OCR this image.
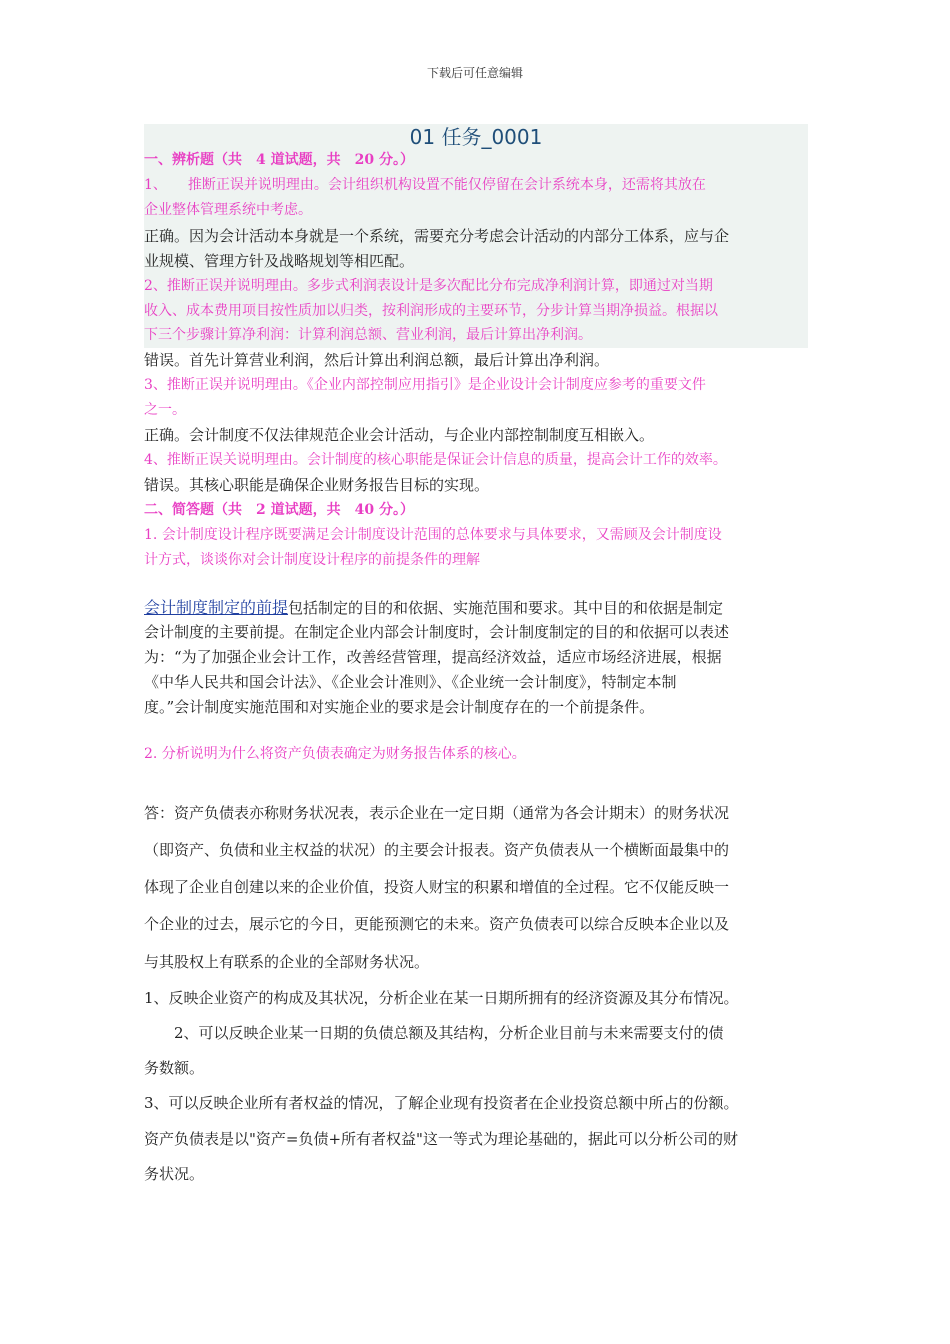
下载后可任意编辑
01 任务_0001
一、辨析题（共　4 道试题，共　20 分。）
1、　　推断正误并说明理由。会计组织机构设置不能仅停留在会计系统本身，还需将其放在
企业整体管理系统中考虑。
正确。因为会计活动本身就是一个系统，需要充分考虑会计活动的内部分工体系，应与企
业规模、管理方针及战略规划等相匹配。
2、推断正误并说明理由。多步式利润表设计是多次配比分布完成净利润计算，即通过对当期
收入、成本费用项目按性质加以归类，按利润形成的主要环节，分步计算当期净损益。根据以
下三个步骤计算净利润：计算利润总额、营业利润，最后计算出净利润。
错误。首先计算营业利润，然后计算出利润总额，最后计算出净利润。
3、推断正误并说明理由。《企业内部控制应用指引》是企业设计会计制度应参考的重要文件
之一。
正确。会计制度不仅法律规范企业会计活动，与企业内部控制制度互相嵌入。
4、推断正误关说明理由。会计制度的核心职能是保证会计信息的质量，提高会计工作的效率。
错误。其核心职能是确保企业财务报告目标的实现。
二、简答题（共　2 道试题，共　40 分。）
1. 会计制度设计程序既要满足会计制度设计范围的总体要求与具体要求，又需顾及会计制度设
计方式，谈谈你对会计制度设计程序的前提条件的理解
会计制度制定的前提包括制定的目的和依据、实施范围和要求。其中目的和依据是制定
会计制度的主要前提。在制定企业内部会计制度时，会计制度制定的目的和依据可以表述
为：“为了加强企业会计工作，改善经营管理，提高经济效益，适应市场经济进展，根据
《中华人民共和国会计法》、《企业会计准则》、《企业统一会计制度》，特制定本制
度。”会计制度实施范围和对实施企业的要求是会计制度存在的一个前提条件。
2. 分析说明为什么将资产负债表确定为财务报告体系的核心。
答：资产负债表亦称财务状况表，表示企业在一定日期（通常为各会计期末）的财务状况
（即资产、负债和业主权益的状况）的主要会计报表。资产负债表从一个横断面最集中的
体现了企业自创建以来的企业价值，投资人财宝的积累和增值的全过程。它不仅能反映一
个企业的过去，展示它的今日，更能预测它的未来。资产负债表可以综合反映本企业以及
与其股权上有联系的企业的全部财务状况。
1、反映企业资产的构成及其状况，分析企业在某一日期所拥有的经济资源及其分布情况。
　　2、可以反映企业某一日期的负债总额及其结构，分析企业目前与未来需要支付的债
务数额。
3、可以反映企业所有者权益的情况，了解企业现有投资者在企业投资总额中所占的份额。
资产负债表是以"资产=负债+所有者权益"这一等式为理论基础的，据此可以分析公司的财
务状况。
